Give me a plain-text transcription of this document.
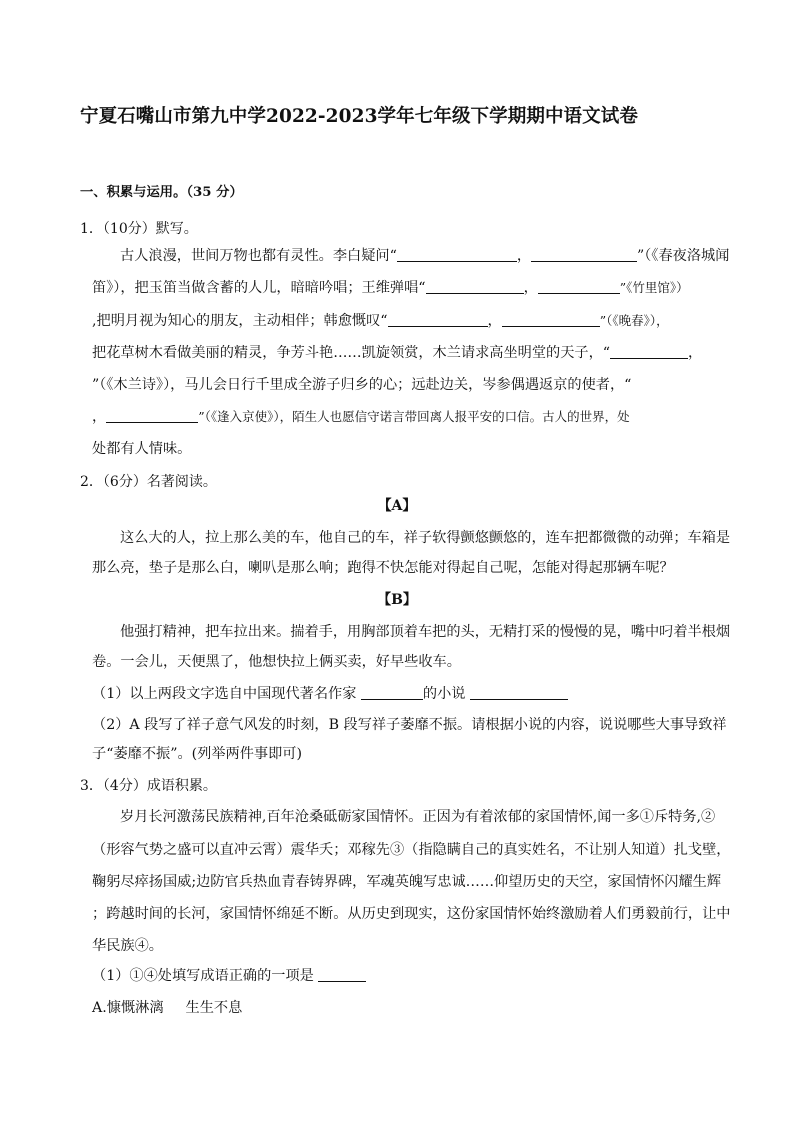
宁夏石嘴山市第九中学2022-2023学年七年级下学期期中语文试卷
一、积累与运用。（35 分）
1．（10分）默写。
古人浪漫，世间万物也都有灵性。李白疑问“	，	”（《春夜洛城闻
笛》），把玉笛当做含蓄的人儿，暗暗吟唱；王维弹唱“	，	”《竹里馆》）
,把明月视为知心的朋友，主动相伴；韩愈慨叹“	，	”（《晚春》），
把花草树木看做美丽的精灵，争芳斗艳……凯旋领赏，木兰请求高坐明堂的天子，“	，
”（《木兰诗》），马儿会日行千里成全游子归乡的心；远赴边关，岑参偶遇返京的使者，“
，	”（《逢入京使》），陌生人也愿信守诺言带回离人报平安的口信。古人的世界，处
处都有人情味。
2．（6分）名著阅读。
【A】
这么大的人，拉上那么美的车，他自己的车，祥子软得颤悠颤悠的，连车把都微微的动弹；车箱是
那么亮，垫子是那么白，喇叭是那么响；跑得不快怎能对得起自己呢，怎能对得起那辆车呢？
【B】
他强打精神，把车拉出来。揣着手，用胸部顶着车把的头，无精打采的慢慢的晃，嘴中叼着半根烟
卷。一会儿，天便黑了，他想快拉上俩买卖，好早些收车。
（1）以上两段文字选自中国现代著名作家	的小说
（2）A 段写了祥子意气风发的时刻，B 段写祥子萎靡不振。请根据小说的内容，说说哪些大事导致祥
子“萎靡不振”。(列举两件事即可)
3．（4分）成语积累。
岁月长河激荡民族精神,百年沧桑砥砺家国情怀。正因为有着浓郁的家国情怀,闻一多①斥特务,②
（形容气势之盛可以直冲云霄）震华夭；邓稼先③（指隐瞒自己的真实姓名，不让别人知道）扎戈壁，
鞠躬尽瘁扬国威;边防官兵热血青春铸界碑，军魂英魄写忠诚……仰望历史的天空，家国情怀闪耀生辉
；跨越时间的长河，家国情怀绵延不断。从历史到现实，这份家国情怀始终激励着人们勇毅前行，让中
华民族④。
（1）①④处填写成语正确的一项是
A.慷慨淋漓 生生不息
